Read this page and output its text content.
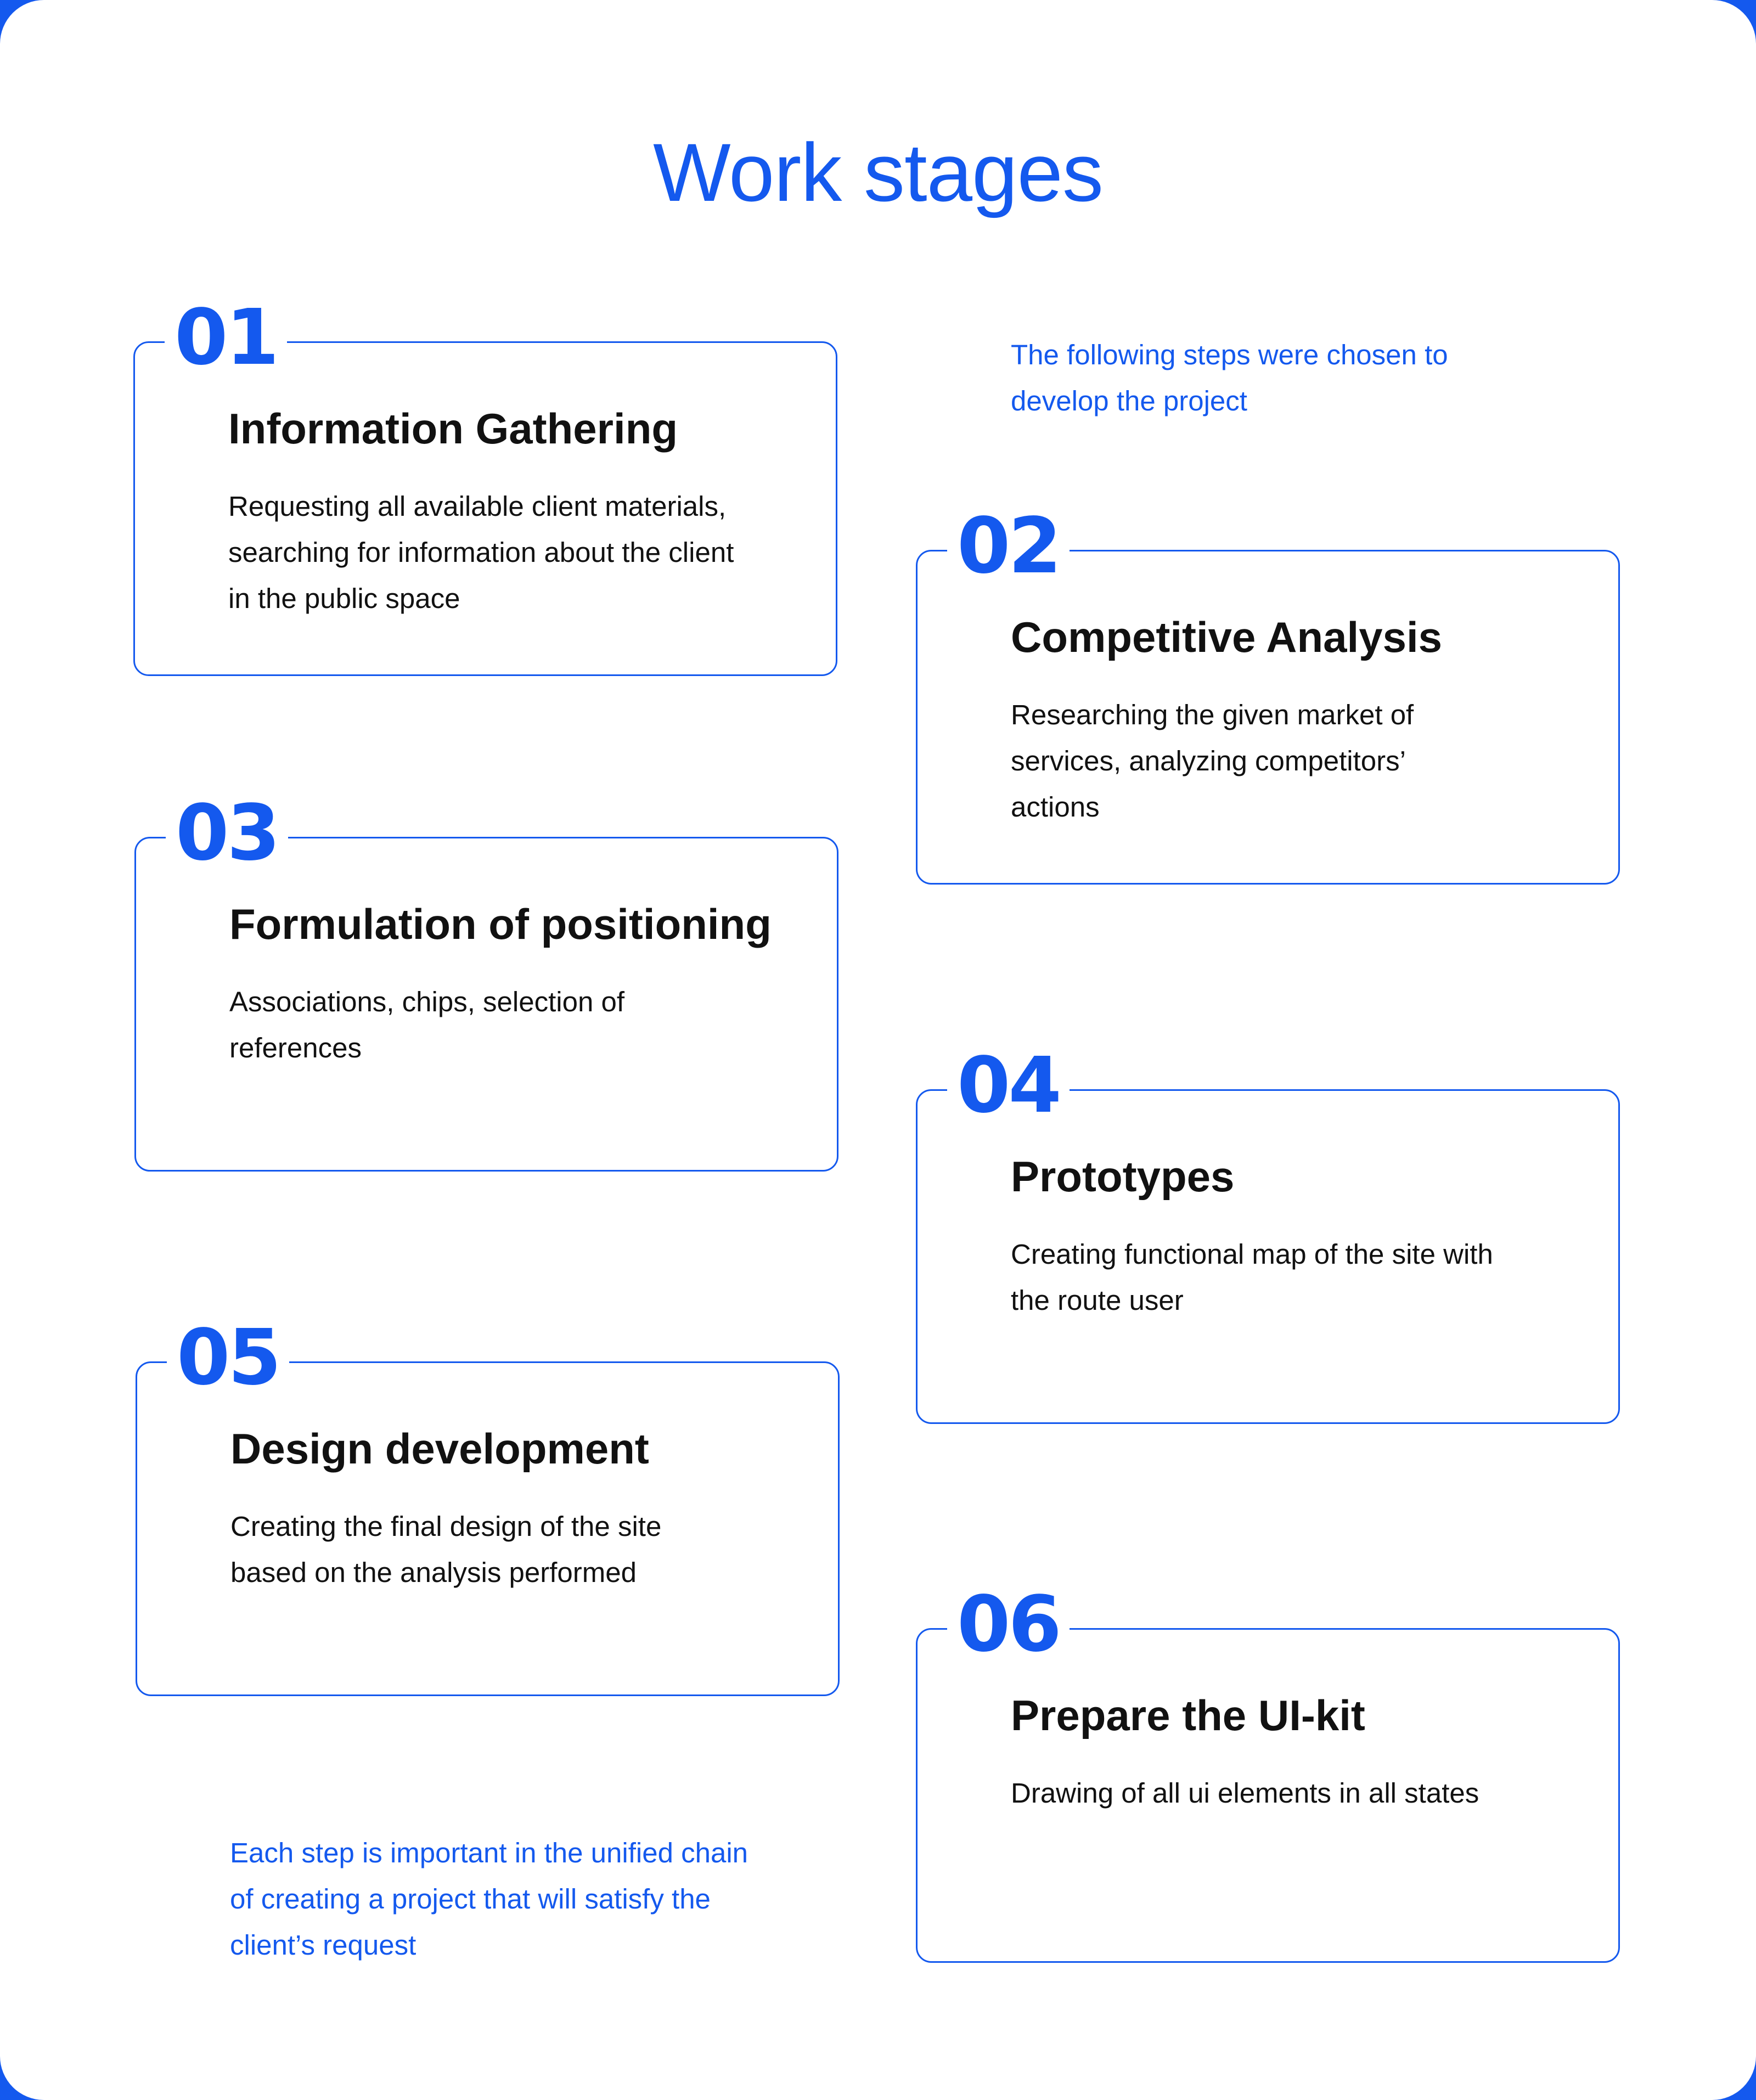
Work stages

The following steps were chosen to develop the project

01
Information Gathering

Requesting all available client materials, searching for information about the client in the public space

02
Competitive Analysis

Researching the given market of services, analyzing competitors’ actions

03
Formulation of positioning

Associations, chips, selection of references	04
Prototypes

Creating functional map of the site with the route user

05
Design development

Creating the final design of the site based on the analysis performed

06
Prepare the UI-kit

Drawing of all ui elements in all states

Each step is important in the unified chain of creating a project that will satisfy the client’s request
